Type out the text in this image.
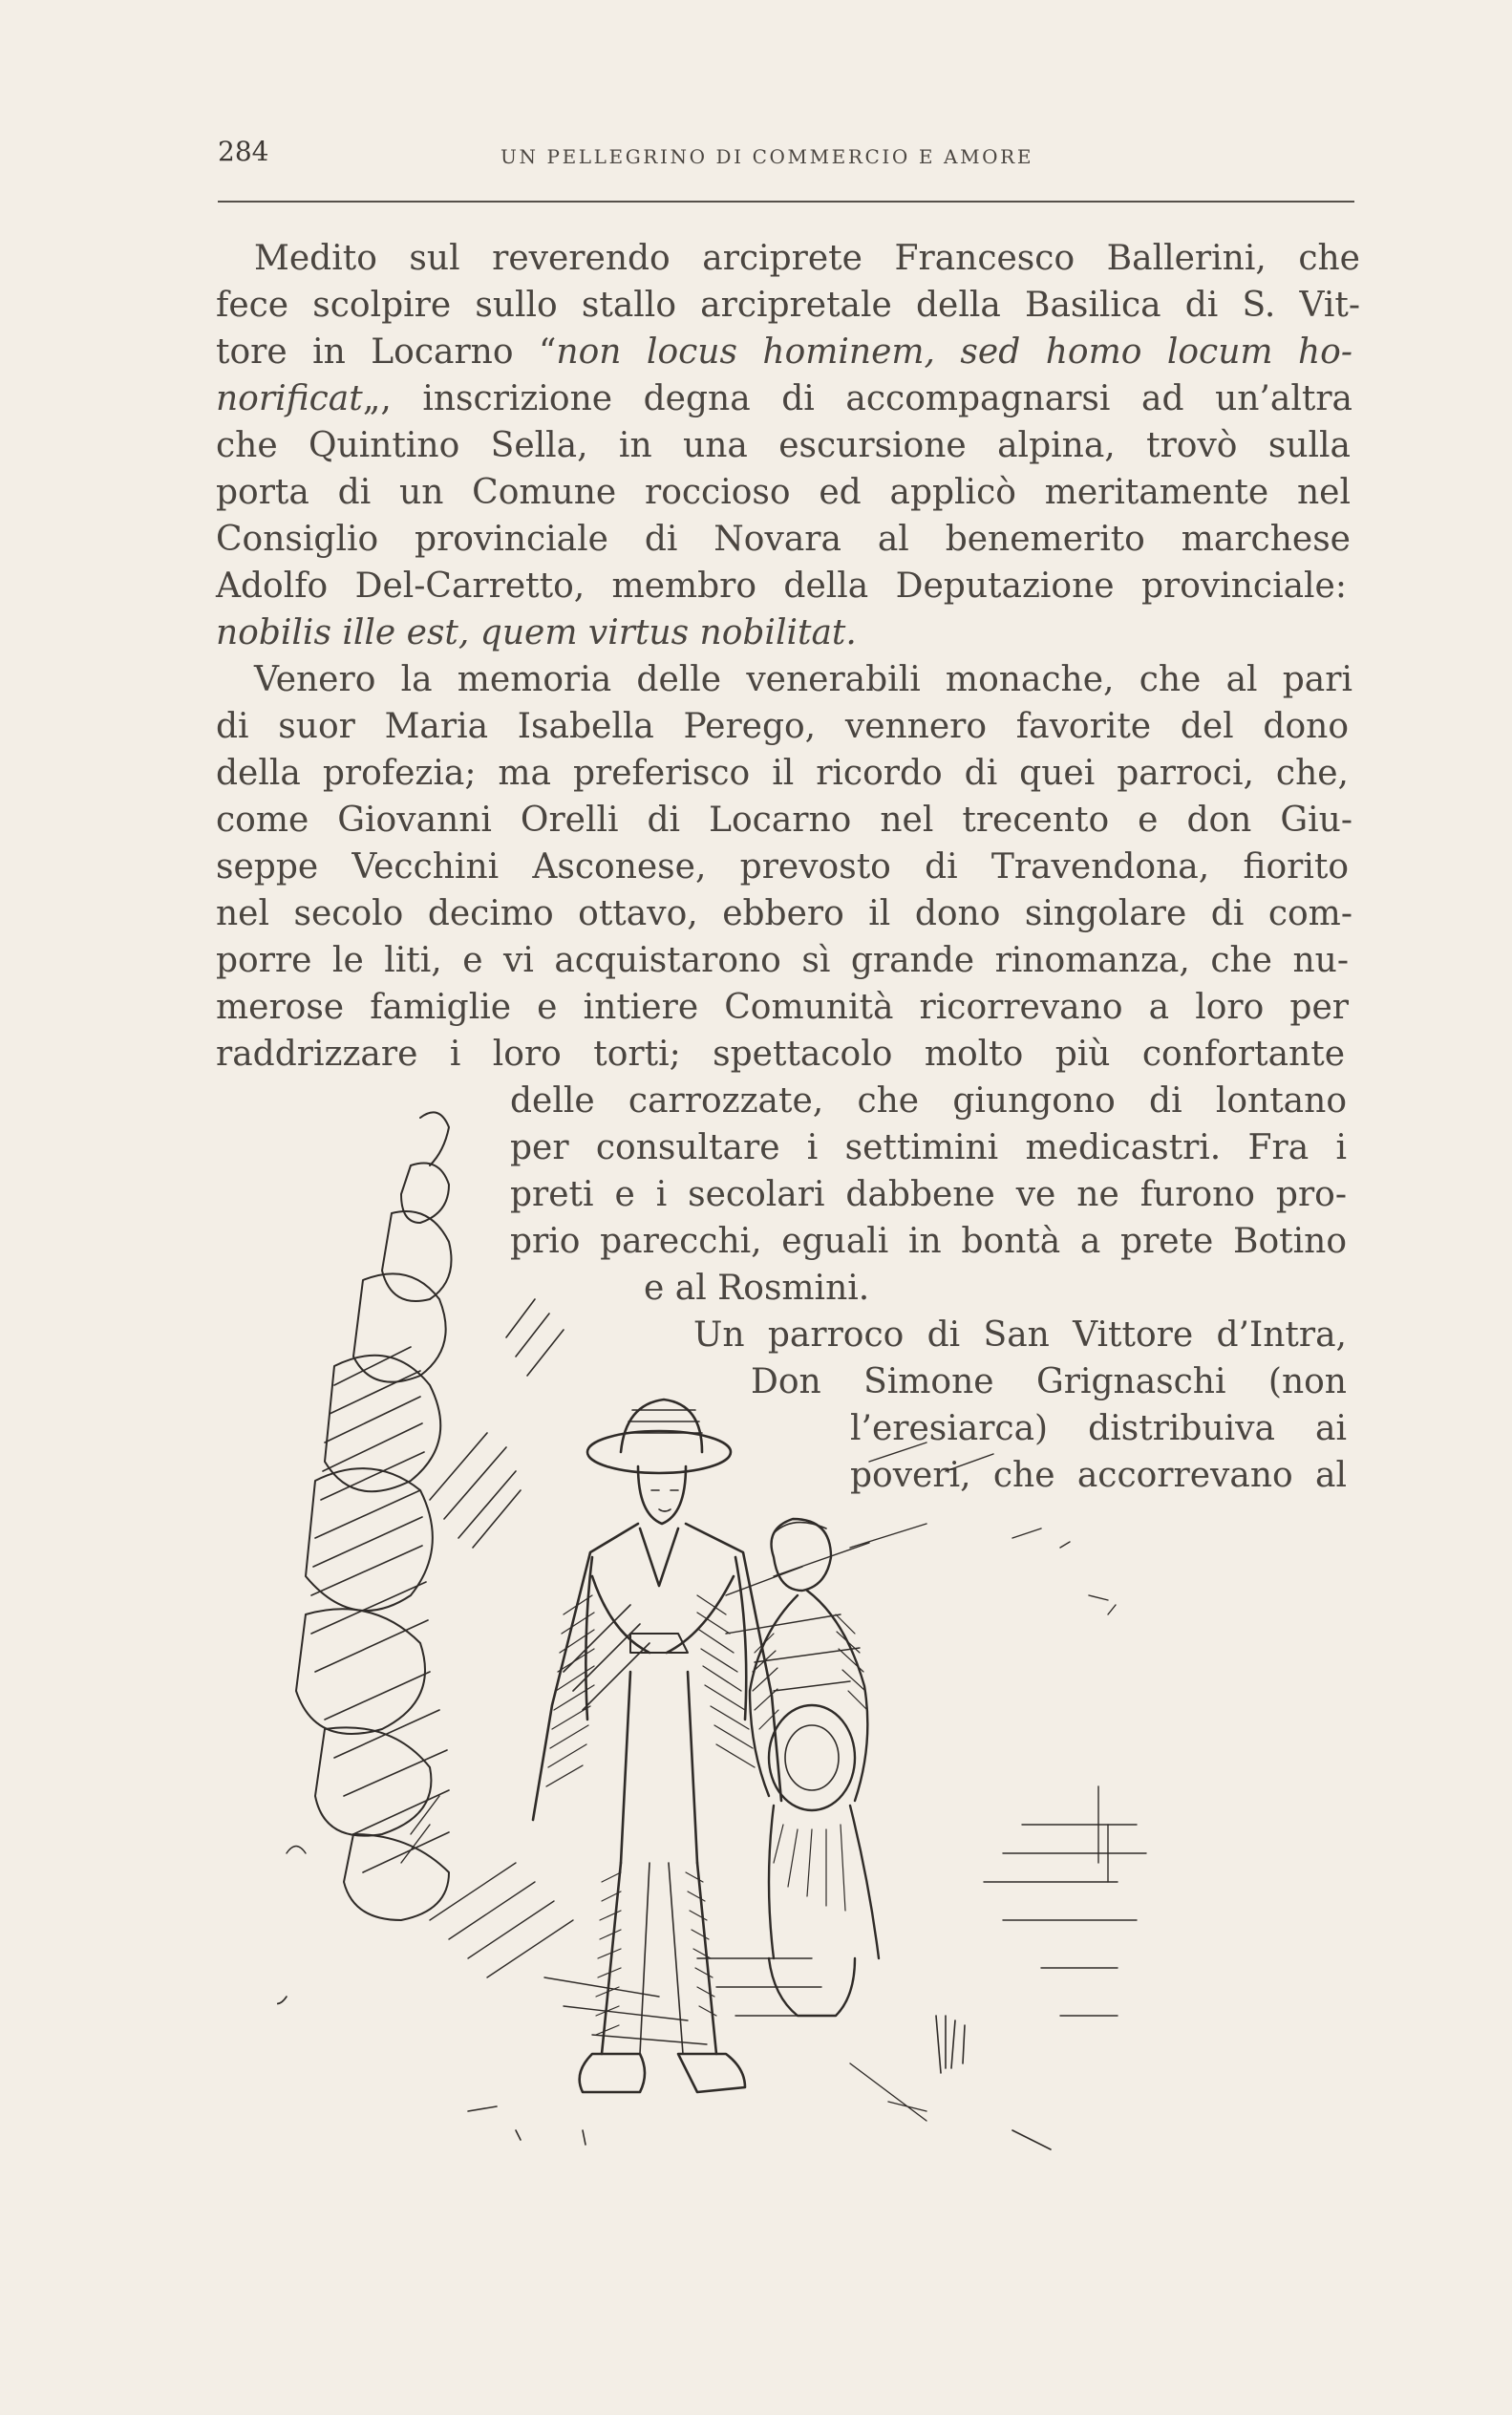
284	UN PELLEGRINO DI COMMERCIO E AMORE
Medito sul reverendo arciprete Francesco Ballerini, che
fece scolpire sullo stallo arcipretale della Basilica di S. Vit-
tore in Locarno “non locus hominem, sed homo locum ho-
norificat„, inscrizione degna di accompagnarsi ad un’altra
che Quintino Sella, in una escursione alpina, trovò sulla
porta di un Comune roccioso ed applicò meritamente nel
Consiglio provinciale di Novara al benemerito marchese
Adolfo Del-Carretto, membro della Deputazione provinciale:
nobilis ille est, quem virtus nobilitat.
Venero la memoria delle venerabili monache, che al pari
di suor Maria Isabella Perego, vennero favorite del dono
della profezia; ma preferisco il ricordo di quei parroci, che,
come Giovanni Orelli di Locarno nel trecento e don Giu-
seppe Vecchini Asconese, prevosto di Travendona, fiorito
nel secolo decimo ottavo, ebbero il dono singolare di com-
porre le liti, e vi acquistarono sì grande rinomanza, che nu-
merose famiglie e intiere Comunità ricorrevano a loro per
raddrizzare i loro torti; spettacolo molto più confortante
delle carrozzate, che giungono di lontano
per consultare i settimini medicastri. Fra i
preti e i secolari dabbene ve ne furono pro-
prio parecchi, eguali in bontà a prete Botino
e al Rosmini.
Un parroco di San Vittore d’Intra,
Don Simone Grignaschi (non
l’eresiarca) distribuiva ai
poveri, che accorrevano al
